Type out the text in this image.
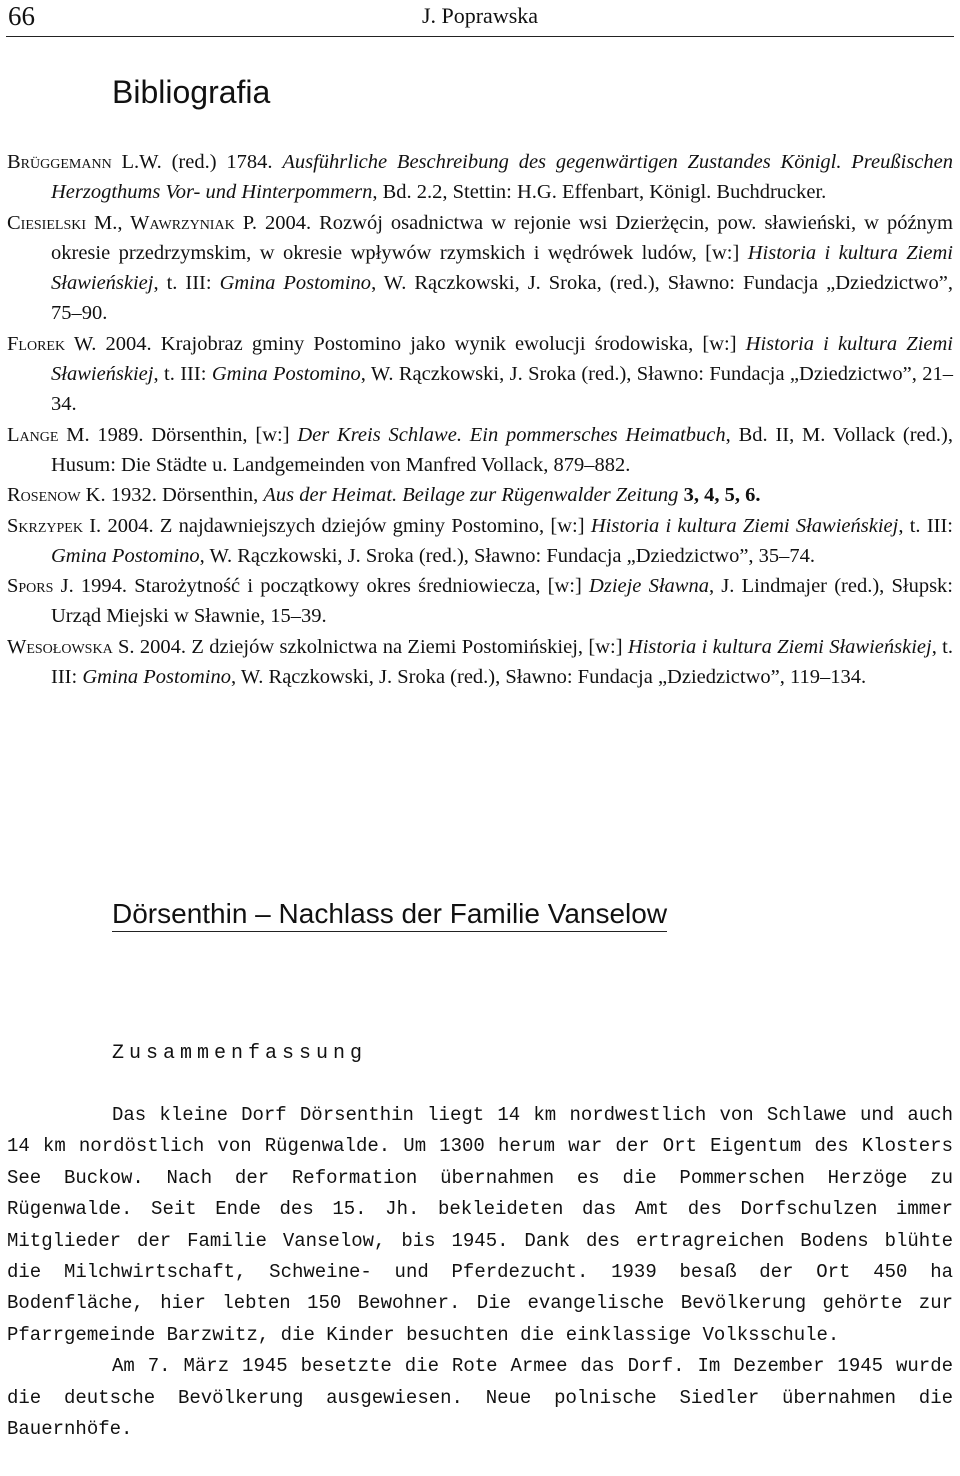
66	J. Poprawska
Bibliografia

Brüggemann L.W. (red.) 1784. Ausführliche Beschreibung des gegenwärtigen Zustandes Königl. Preußischen Herzogthums Vor- und Hinterpommern, Bd. 2.2, Stettin: H.G. Effenbart, Königl. Buchdrucker.

Ciesielski M., Wawrzyniak P. 2004. Rozwój osadnictwa w rejonie wsi Dzierżęcin, pow. sławieński, w późnym okresie przedrzymskim, w okresie wpływów rzymskich i wędrówek ludów, [w:] Historia i kultura Ziemi Sławieńskiej, t. III: Gmina Postomino, W. Rączkowski, J. Sroka, (red.), Sławno: Fundacja „Dziedzictwo”, 75–90.

Florek W. 2004. Krajobraz gminy Postomino jako wynik ewolucji środowiska, [w:] Historia i kultura Ziemi Sławieńskiej, t. III: Gmina Postomino, W. Rączkowski, J. Sroka (red.), Sławno: Fundacja „Dziedzictwo”, 21–34.

Lange M. 1989. Dörsenthin, [w:] Der Kreis Schlawe. Ein pommersches Heimatbuch, Bd. II, M. Vollack (red.), Husum: Die Städte u. Landgemeinden von Manfred Vollack, 879–882.

Rosenow K. 1932. Dörsenthin, Aus der Heimat. Beilage zur Rügenwalder Zeitung 3, 4, 5, 6.

Skrzypek I. 2004. Z najdawniejszych dziejów gminy Postomino, [w:] Historia i kultura Ziemi Sławieńskiej, t. III: Gmina Postomino, W. Rączkowski, J. Sroka (red.), Sławno: Fundacja „Dziedzictwo”, 35–74.

Spors J. 1994. Starożytność i początkowy okres średniowiecza, [w:] Dzieje Sławna, J. Lindmajer (red.), Słupsk: Urząd Miejski w Sławnie, 15–39.

Wesołowska S. 2004. Z dziejów szkolnictwa na Ziemi Postomińskiej, [w:] Historia i kultura Ziemi Sławieńskiej, t. III: Gmina Postomino, W. Rączkowski, J. Sroka (red.), Sławno: Fundacja „Dziedzictwo”, 119–134.

Dörsenthin – Nachlass der Familie Vanselow
Zusammenfassung

Das kleine Dorf Dörsenthin liegt 14 km nordwestlich von Schlawe und auch 14 km nordöstlich von Rügenwalde. Um 1300 herum war der Ort Eigentum des Klosters See Buckow. Nach der Reformation übernahmen es die Pommerschen Herzöge zu Rügenwalde. Seit Ende des 15. Jh. bekleideten das Amt des Dorfschulzen immer Mitglieder der Familie Vanselow, bis 1945. Dank des ertragreichen Bodens blühte die Milchwirtschaft, Schweine- und Pferdezucht. 1939 besaß der Ort 450 ha Bodenfläche, hier lebten 150 Bewohner. Die evangelische Bevölkerung gehörte zur Pfarrgemeinde Barzwitz, die Kinder besuchten die einklassige Volksschule.

Am 7. März 1945 besetzte die Rote Armee das Dorf. Im Dezember 1945 wurde die deutsche Bevölkerung ausgewiesen. Neue polnische Siedler übernahmen die Bauernhöfe.
